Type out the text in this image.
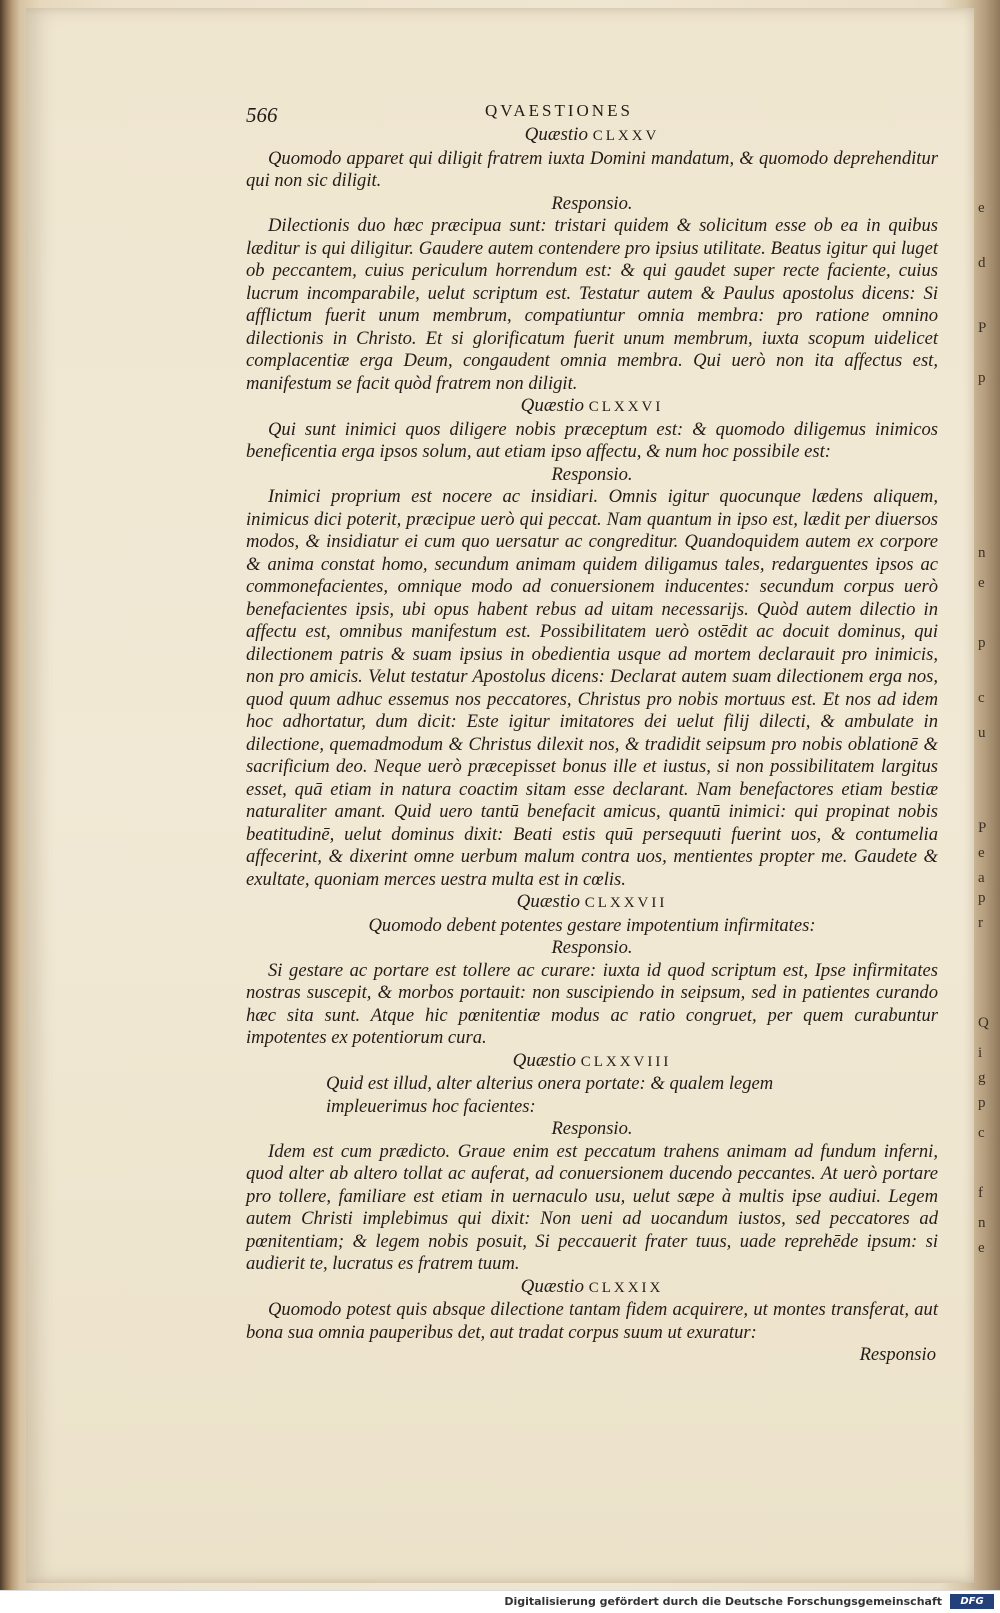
e
d
P
p
n
e
p
c
u
P
e
a
p
r
Q
i
g
p
c
f
n
e
566	QVAESTIONES
Quæstio CLXXV

Quomodo apparet qui diligit fratrem iuxta Domini mandatum, & quomodo deprehenditur qui non sic diligit.

Responsio.

Dilectionis duo hæc præcipua sunt: tristari quidem & solicitum esse ob ea in quibus læditur is qui diligitur. Gaudere autem contendere pro ipsius utilitate. Beatus igitur qui luget ob peccantem, cuius periculum horrendum est: & qui gaudet super recte faciente, cuius lucrum incomparabile, uelut scriptum est. Testatur autem & Paulus apostolus dicens: Si afflictum fuerit unum membrum, compatiuntur omnia membra: pro ratione omnino dilectionis in Christo. Et si glorificatum fuerit unum membrum, iuxta scopum uidelicet complacentiæ erga Deum, congaudent omnia membra. Qui uerò non ita affectus est, manifestum se facit quòd fratrem non diligit.

Quæstio CLXXVI

Qui sunt inimici quos diligere nobis præceptum est: & quomodo diligemus inimicos beneficentia erga ipsos solum, aut etiam ipso affectu, & num hoc possibile est:

Responsio.

Inimici proprium est nocere ac insidiari. Omnis igitur quocunque lædens aliquem, inimicus dici poterit, præcipue uerò qui peccat. Nam quantum in ipso est, lædit per diuersos modos, & insidiatur ei cum quo uersatur ac congreditur. Quandoquidem autem ex corpore & anima constat homo, secundum animam quidem diligamus tales, redarguentes ipsos ac commonefacientes, omnique modo ad conuersionem inducentes: secundum corpus uerò benefacientes ipsis, ubi opus habent rebus ad uitam necessarijs. Quòd autem dilectio in affectu est, omnibus manifestum est. Possibilitatem uerò ostēdit ac docuit dominus, qui dilectionem patris & suam ipsius in obedientia usque ad mortem declarauit pro inimicis, non pro amicis. Velut testatur Apostolus dicens: Declarat autem suam dilectionem erga nos, quod quum adhuc essemus nos peccatores, Christus pro nobis mortuus est. Et nos ad idem hoc adhortatur, dum dicit: Este igitur imitatores dei uelut filij dilecti, & ambulate in dilectione, quemadmodum & Christus dilexit nos, & tradidit seipsum pro nobis oblationē & sacrificium deo. Neque uerò præcepisset bonus ille et iustus, si non possibilitatem largitus esset, quā etiam in natura coactim sitam esse declarant. Nam benefactores etiam bestiæ naturaliter amant. Quid uero tantū benefacit amicus, quantū inimici: qui propinat nobis beatitudinē, uelut dominus dixit: Beati estis quū persequuti fuerint uos, & contumelia affecerint, & dixerint omne uerbum malum contra uos, mentientes propter me. Gaudete & exultate, quoniam merces uestra multa est in cœlis.

Quæstio CLXXVII

Quomodo debent potentes gestare impotentium infirmitates:

Responsio.

Si gestare ac portare est tollere ac curare: iuxta id quod scriptum est, Ipse infirmitates nostras suscepit, & morbos portauit: non suscipiendo in seipsum, sed in patientes curando hæc sita sunt. Atque hic pœnitentiæ modus ac ratio congruet, per quem curabuntur impotentes ex potentiorum cura.

Quæstio CLXXVIII

Quid est illud, alter alterius onera portate: & qualem legem impleuerimus hoc facientes:

Responsio.

Idem est cum prædicto. Graue enim est peccatum trahens animam ad fundum inferni, quod alter ab altero tollat ac auferat, ad conuersionem ducendo peccantes. At uerò portare pro tollere, familiare est etiam in uernaculo usu, uelut sæpe à multis ipse audiui. Legem autem Christi implebimus qui dixit: Non ueni ad uocandum iustos, sed peccatores ad pœnitentiam; & legem nobis posuit, Si peccauerit frater tuus, uade reprehēde ipsum: si audierit te, lucratus es fratrem tuum.

Quæstio CLXXIX

Quomodo potest quis absque dilectione tantam fidem acquirere, ut montes transferat, aut bona sua omnia pauperibus det, aut tradat corpus suum ut exuratur:

Responsio
Digitalisierung gefördert durch die Deutsche Forschungsgemeinschaft	DFG
